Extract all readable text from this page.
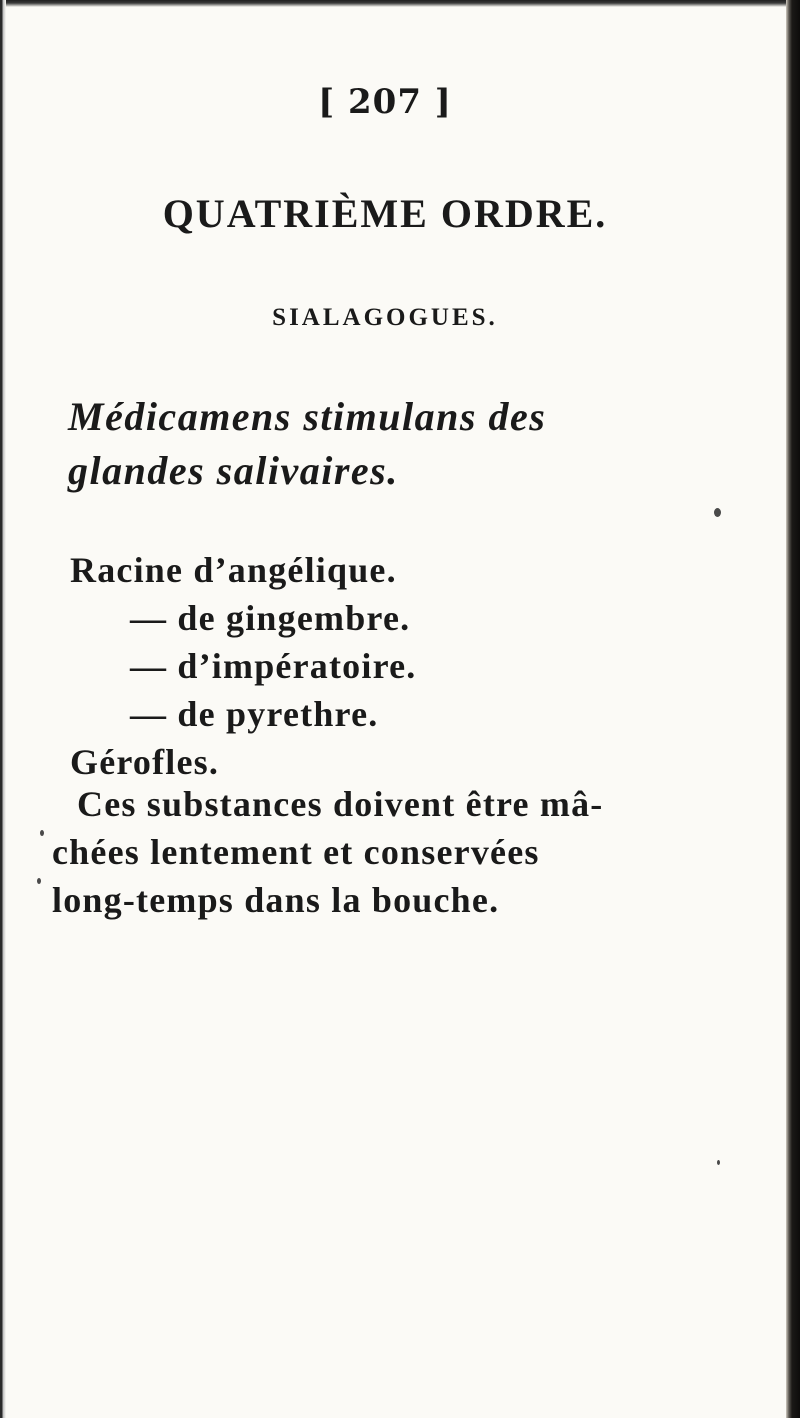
[ 207 ]
QUATRIÈME ORDRE.
SIALAGOGUES.
Médicamens stimulans des
glandes salivaires.
Racine d’angélique.
— de gingembre.
— d’impératoire.
— de pyrethre.
Gérofles.
Ces substances doivent être mâ-
chées lentement et conservées
long-temps dans la bouche.
